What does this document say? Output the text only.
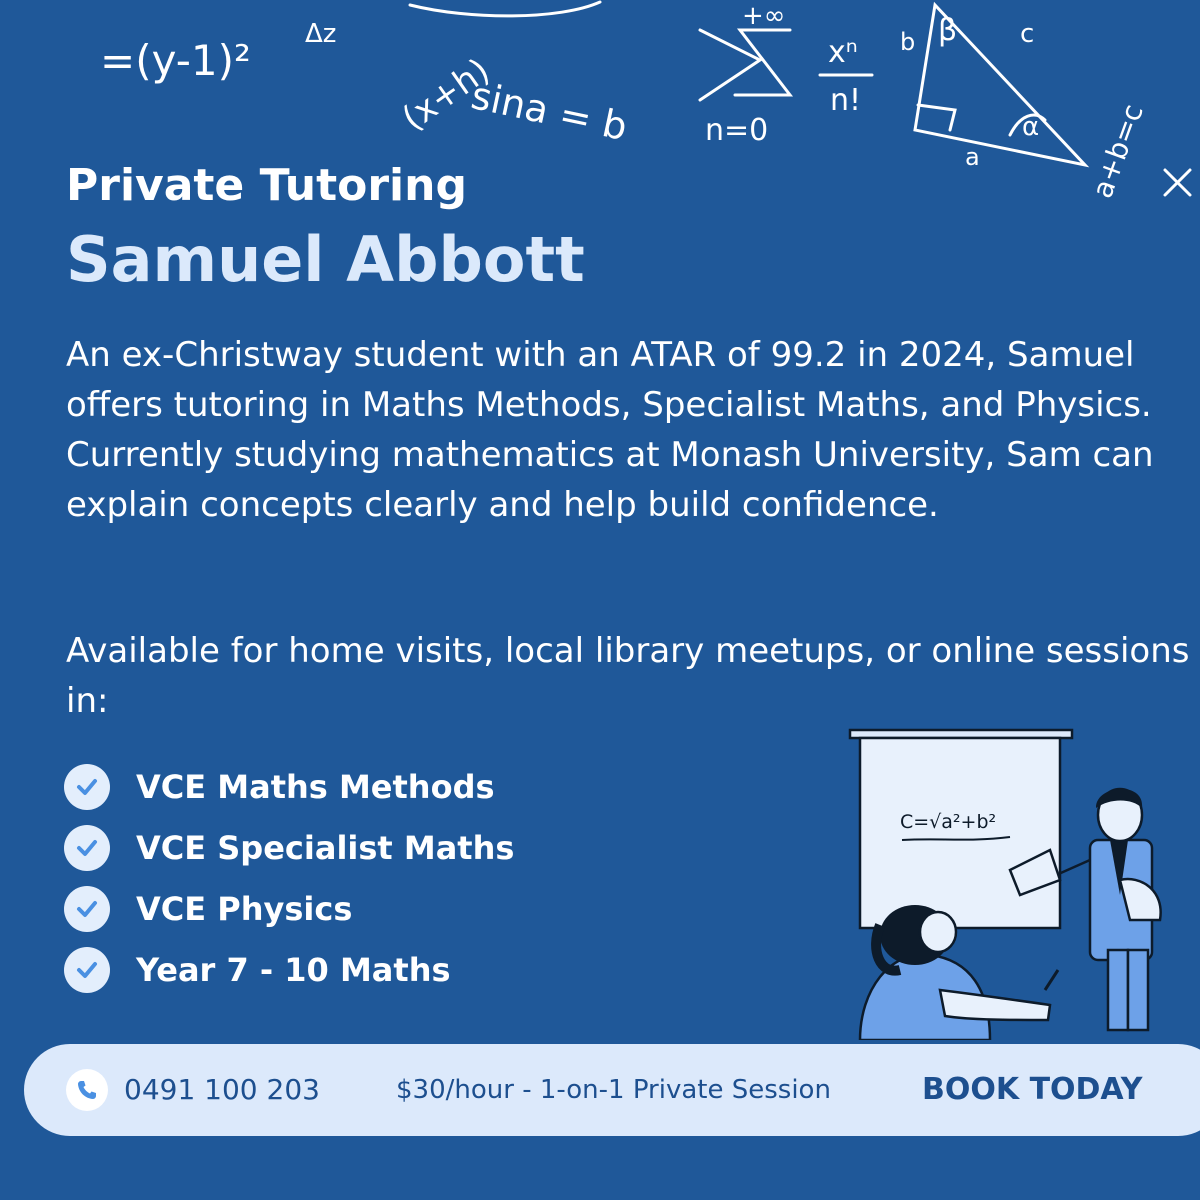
=(y-1)²
Δz
(x+h)
sina = b n=0
xⁿ
n!
+∞
a+b=c
β c
α
a
b
Private Tutoring
Samuel Abbott

An ex-Christway student with an ATAR of 99.2 in 2024, Samuel offers tutoring in Maths Methods, Specialist Maths, and Physics. Currently studying mathematics at Monash University, Sam can explain concepts clearly and help build confidence.

Available for home visits, local library meetups, or online sessions in:

VCE Maths Methods
VCE Specialist Maths
VCE Physics
Year 7 - 10 Maths
C=√a²+b²
0491 100 203	$30/hour - 1-on-1 Private Session	BOOK TODAY
